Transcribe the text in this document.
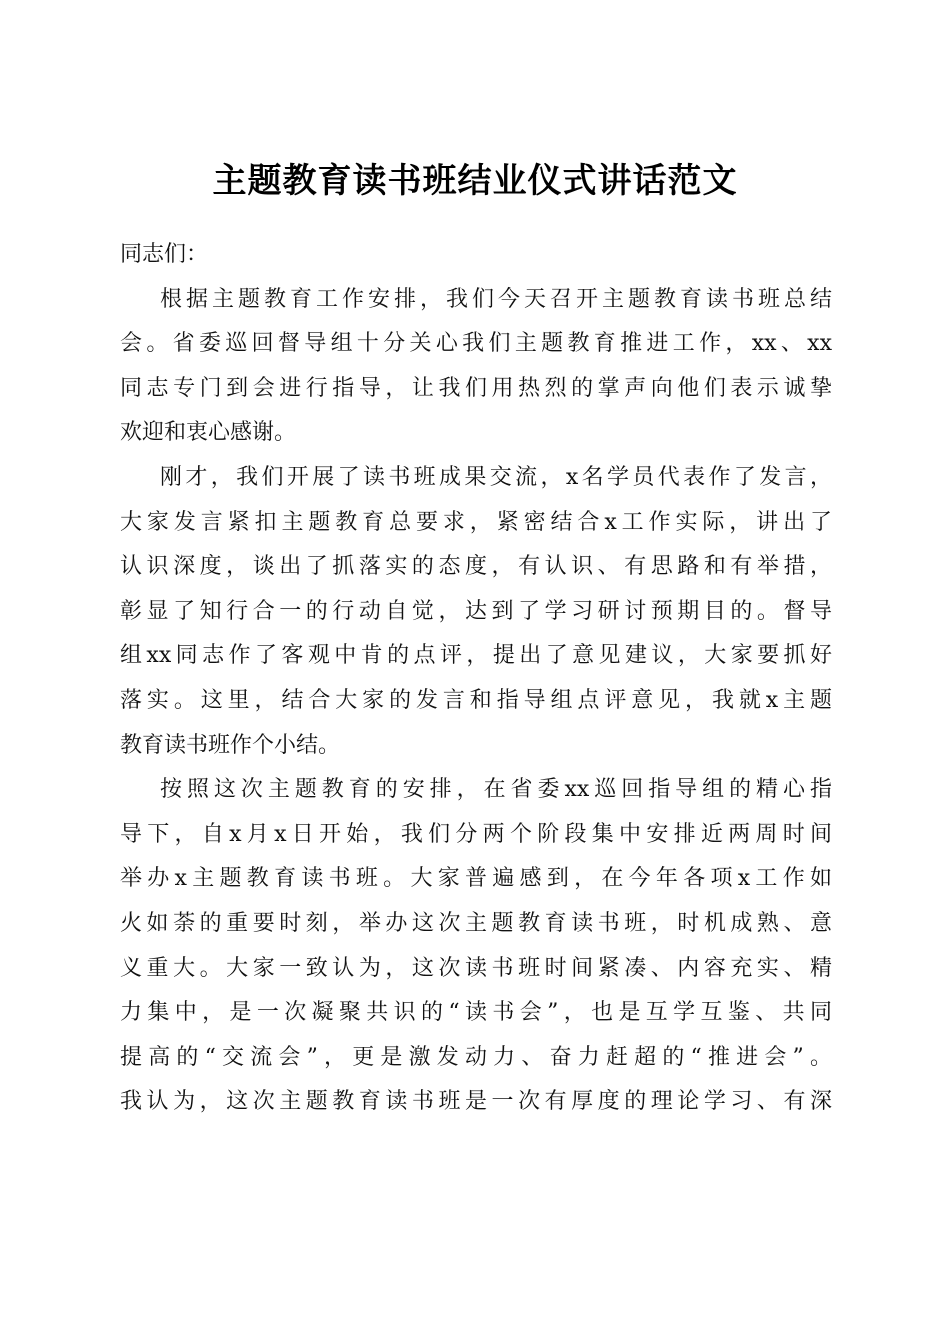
主题教育读书班结业仪式讲话范文

同志们：

根据主题教育工作安排，我们今天召开主题教育读书班总结
会。省委巡回督导组十分关心我们主题教育推进工作，xx、xx
同志专门到会进行指导，让我们用热烈的掌声向他们表示诚挚
欢迎和衷心感谢。
刚才，我们开展了读书班成果交流，x名学员代表作了发言，
大家发言紧扣主题教育总要求，紧密结合x工作实际，讲出了
认识深度，谈出了抓落实的态度，有认识、有思路和有举措，
彰显了知行合一的行动自觉，达到了学习研讨预期目的。督导
组xx同志作了客观中肯的点评，提出了意见建议，大家要抓好
落实。这里，结合大家的发言和指导组点评意见，我就x主题
教育读书班作个小结。
按照这次主题教育的安排，在省委xx巡回指导组的精心指
导下，自x月x日开始，我们分两个阶段集中安排近两周时间
举办x主题教育读书班。大家普遍感到，在今年各项x工作如
火如荼的重要时刻，举办这次主题教育读书班，时机成熟、意
义重大。大家一致认为，这次读书班时间紧凑、内容充实、精
力集中，是一次凝聚共识的“读书会”，也是互学互鉴、共同
提高的“交流会”，更是激发动力、奋力赶超的“推进会”。
我认为，这次主题教育读书班是一次有厚度的理论学习、有深
